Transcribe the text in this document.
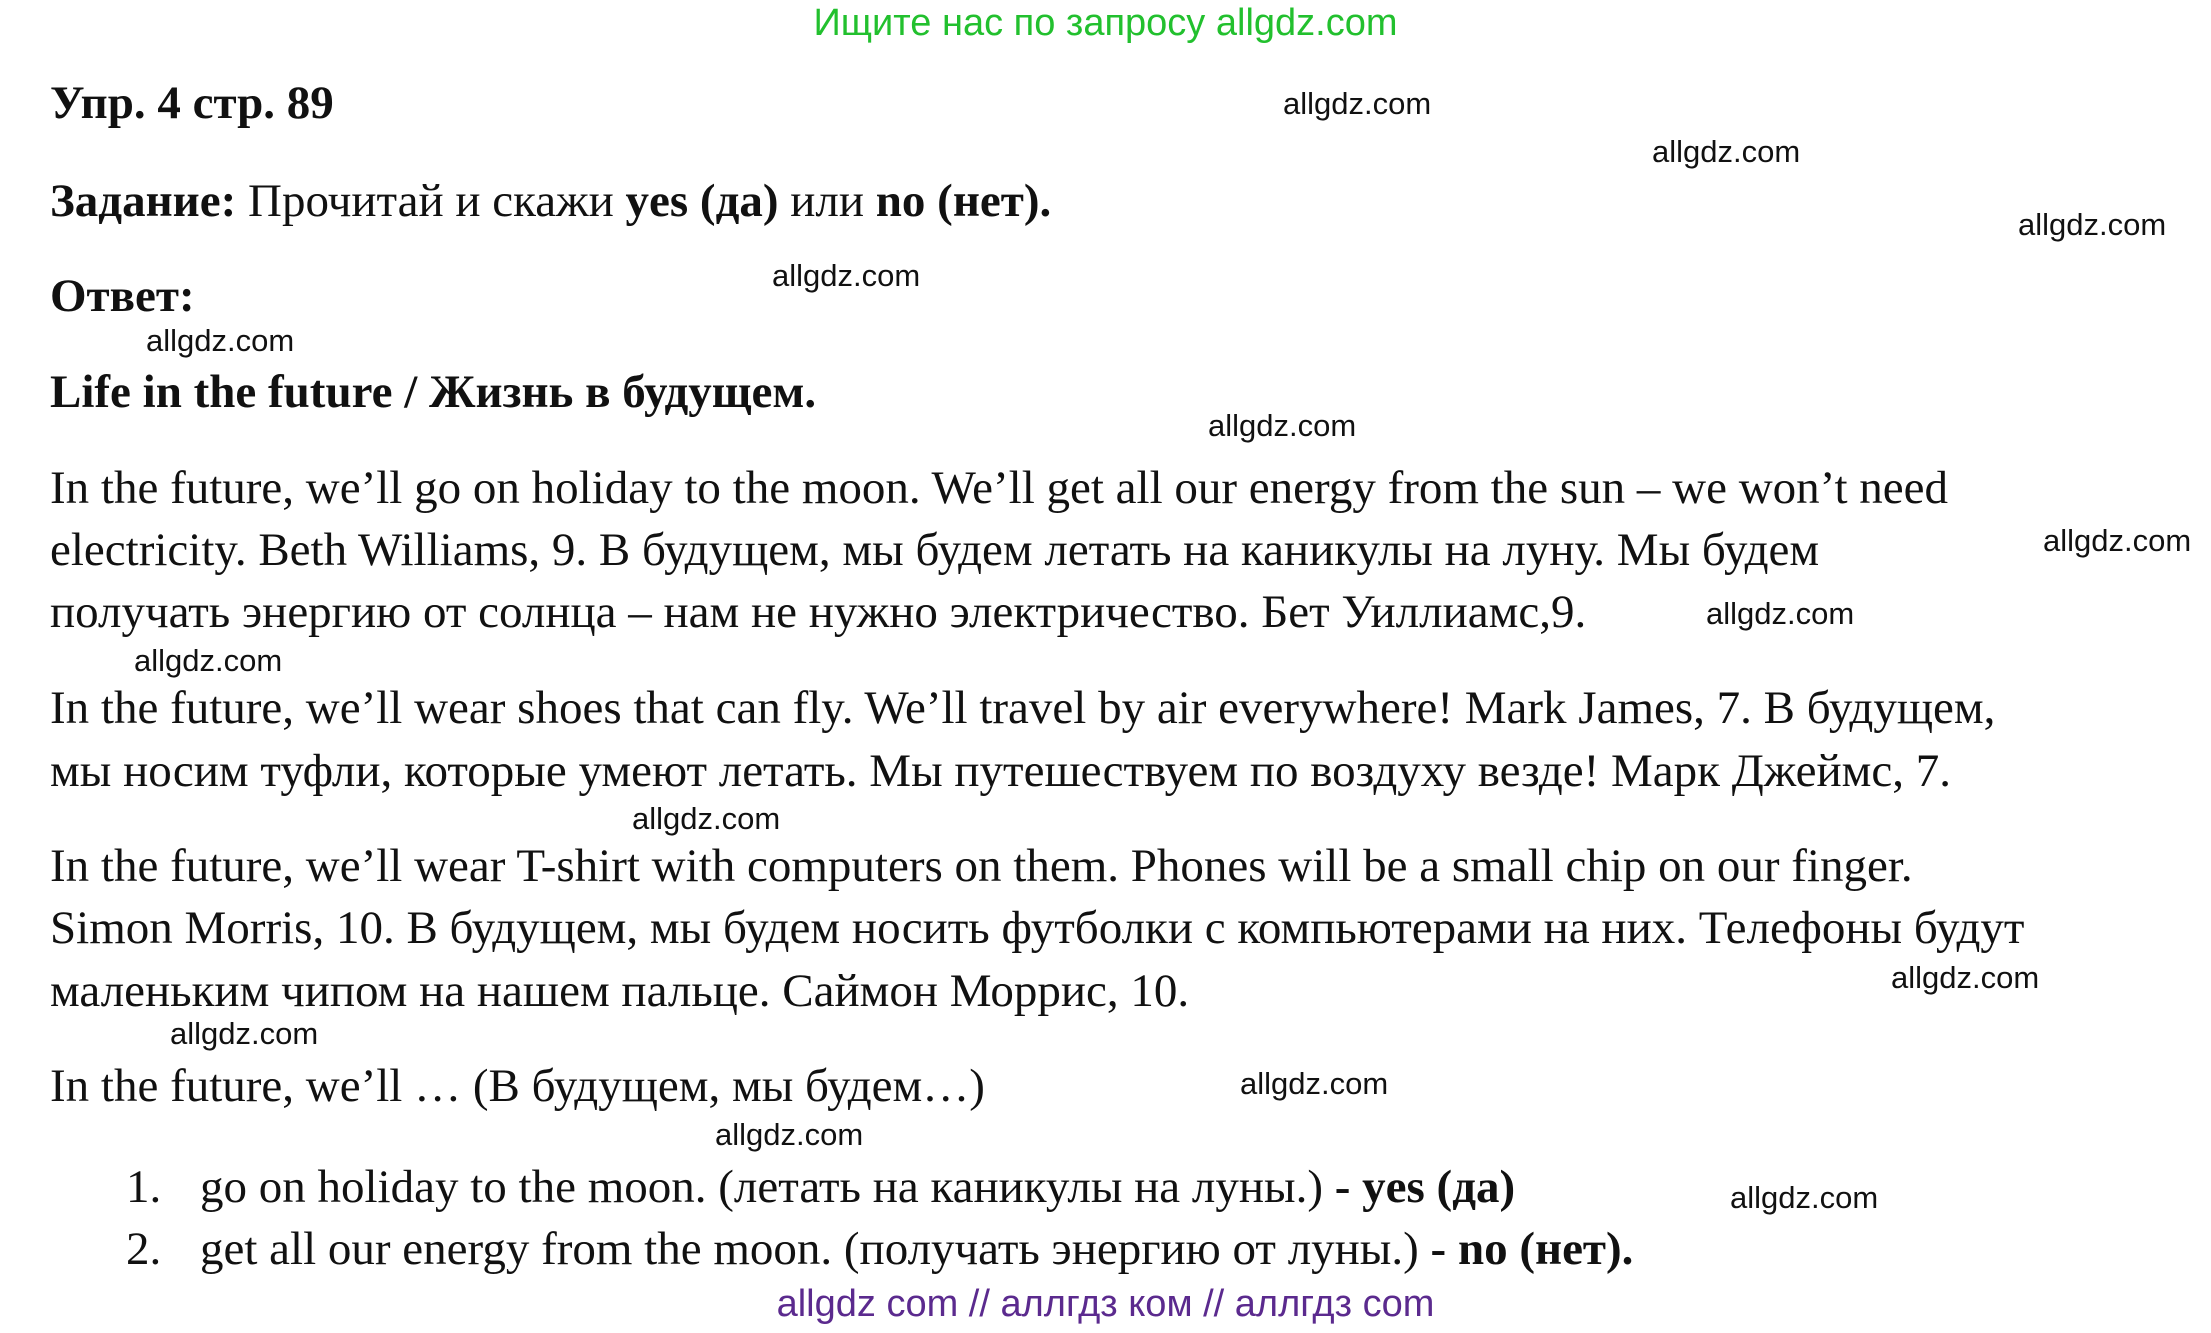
Ищите нас по запросу allgdz.com
Упр. 4 стр. 89
Задание: Прочитай и скажи yes (да) или no (нет).
Ответ:
Life in the future / Жизнь в будущем.
In the future, we’ll go on holiday to the moon. We’ll get all our energy from the sun – we won’t need
electricity. Beth Williams, 9. В будущем, мы будем летать на каникулы на луну. Мы будем
получать энергию от солнца – нам не нужно электричество. Бет Уиллиамс,9.
In the future, we’ll wear shoes that can fly. We’ll travel by air everywhere! Mark James, 7. В будущем,
мы носим туфли, которые умеют летать. Мы путешествуем по воздуху везде! Марк Джеймс, 7.
In the future, we’ll wear T-shirt with computers on them. Phones will be a small chip on our finger.
Simon Morris, 10. В будущем, мы будем носить футболки с компьютерами на них. Телефоны будут
маленьким чипом на нашем пальце. Саймон Моррис, 10.
In the future, we’ll … (В будущем, мы будем…)
1. go on holiday to the moon. (летать на каникулы на луны.) - yes (да)
2. get all our energy from the moon. (получать энергию от луны.) - no (нет).
allgdz.com
allgdz.com
allgdz.com
allgdz.com
allgdz.com
allgdz.com
allgdz.com
allgdz.com
allgdz.com
allgdz.com
allgdz.com
allgdz.com
allgdz.com
allgdz.com
allgdz.com
allgdz com // аллгдз ком // аллгдз com
